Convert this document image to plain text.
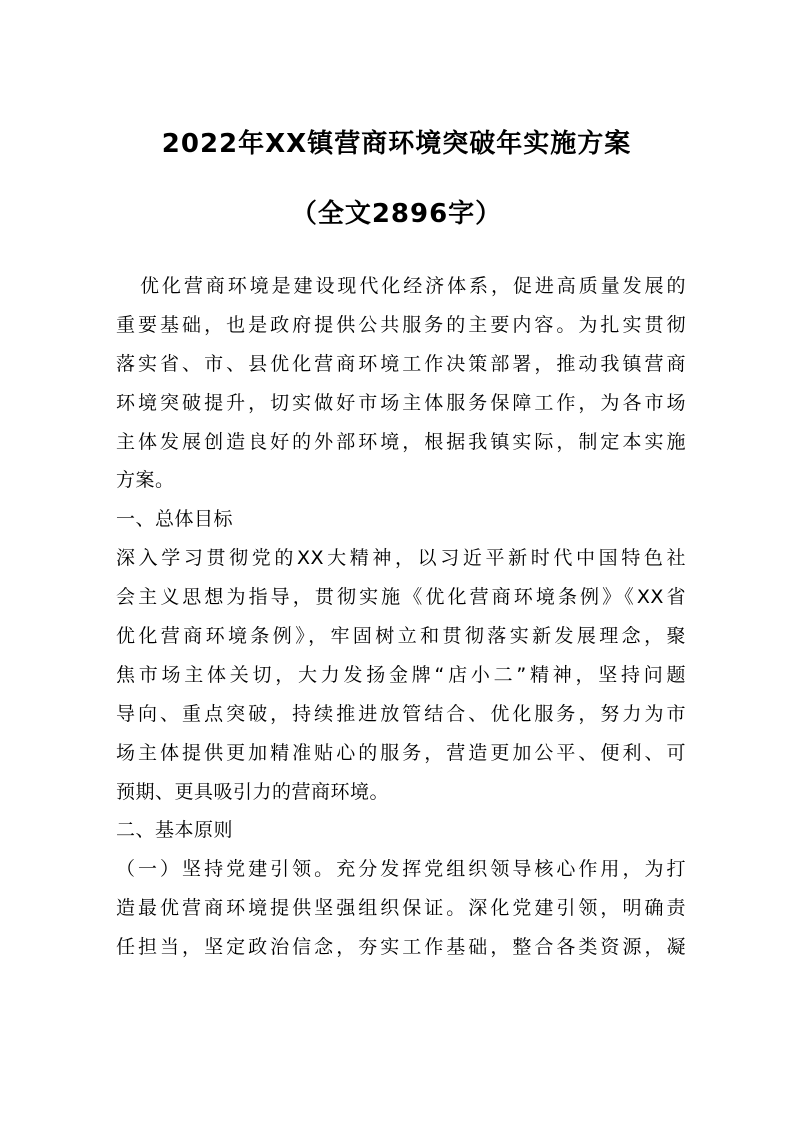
2022年XX镇营商环境突破年实施方案
（全文2896字）
优化营商环境是建设现代化经济体系，促进高质量发展的
重要基础，也是政府提供公共服务的主要内容。为扎实贯彻
落实省、市、县优化营商环境工作决策部署，推动我镇营商
环境突破提升，切实做好市场主体服务保障工作，为各市场
主体发展创造良好的外部环境，根据我镇实际，制定本实施
方案。
一、总体目标
深入学习贯彻党的XX大精神，以习近平新时代中国特色社
会主义思想为指导，贯彻实施《优化营商环境条例》《XX省
优化营商环境条例》，牢固树立和贯彻落实新发展理念，聚
焦市场主体关切，大力发扬金牌“店小二”精神，坚持问题
导向、重点突破，持续推进放管结合、优化服务，努力为市
场主体提供更加精准贴心的服务，营造更加公平、便利、可
预期、更具吸引力的营商环境。
二、基本原则
（一）坚持党建引领。充分发挥党组织领导核心作用，为打
造最优营商环境提供坚强组织保证。深化党建引领，明确责
任担当，坚定政治信念，夯实工作基础，整合各类资源，凝
